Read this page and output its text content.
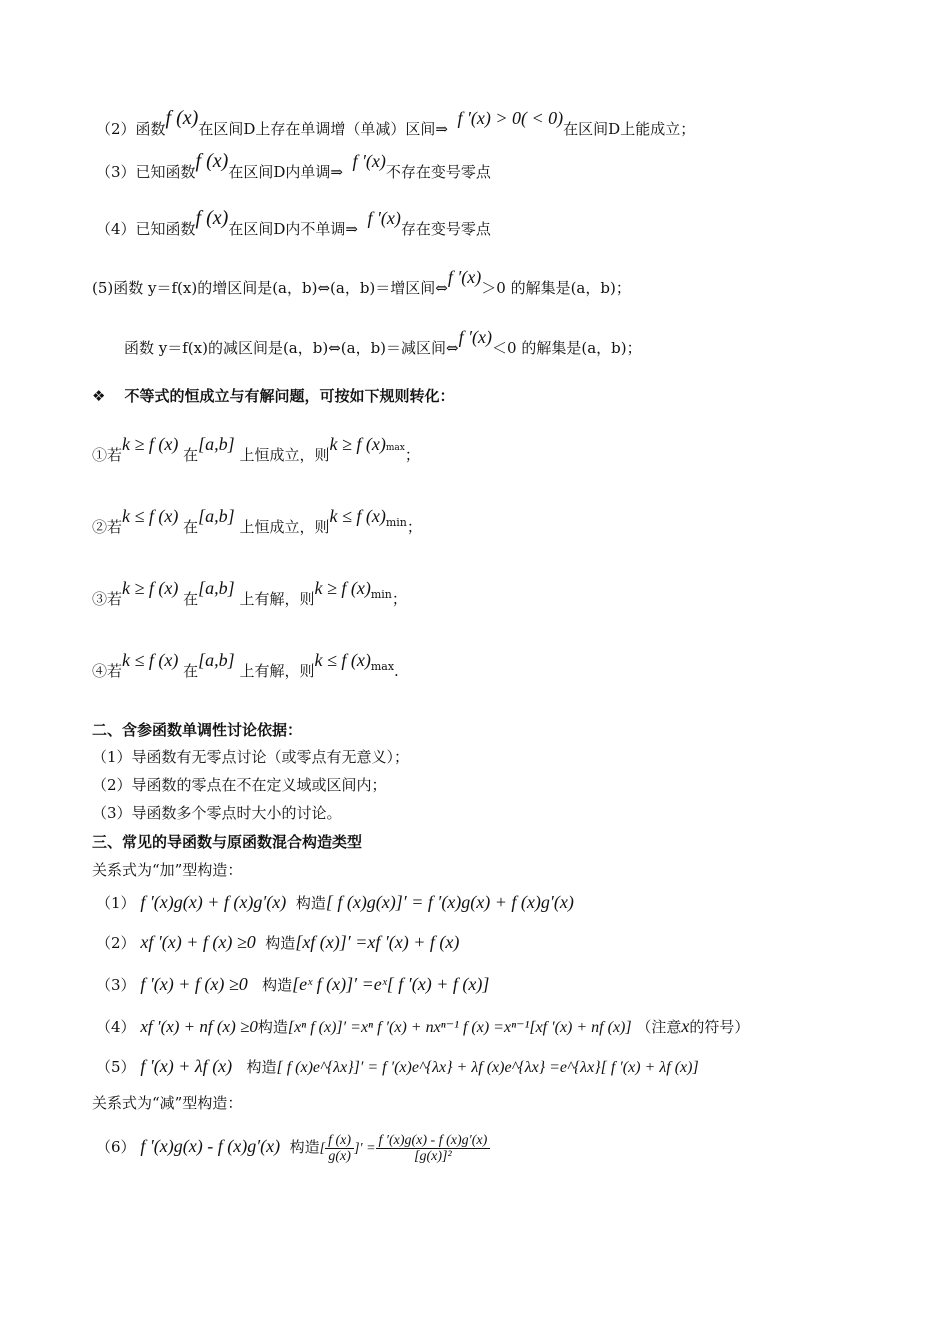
（2）函数f (x)在区间D上存在单调增（单减）区间⇒  f ′(x) > 0( < 0)在区间D上能成立；
（3）已知函数f (x)在区间D内单调⇒  f ′(x)不存在变号零点
（4）已知函数f (x)在区间D内不单调⇒  f ′(x)存在变号零点
(5)函数 y＝f(x)的增区间是(a，b)⇔(a，b)＝增区间⇔f ′(x)＞0 的解集是(a，b)；
函数 y＝f(x)的减区间是(a，b)⇔(a，b)＝减区间⇔f ′(x)＜0 的解集是(a，b)；
❖ 不等式的恒成立与有解问题，可按如下规则转化：
①若k ≥ f (x) 在[a,b] 上恒成立，则k ≥ f $(x)^{max}$；
②若k ≤ f (x) 在[a,b] 上恒成立，则k ≤ f $(x)^{min}$；
③若k ≥ f (x) 在[a,b] 上有解，则k ≥ f $(x)^{min}$；
④若k ≤ f (x) 在[a,b] 上有解，则k ≤ f $(x)^{max}$.
二、含参函数单调性讨论依据：
（1）导函数有无零点讨论（或零点有无意义）；
（2）导函数的零点在不在定义域或区间内；
（3）导函数多个零点时大小的讨论。
三、常见的导函数与原函数混合构造类型
关系式为“加”型构造：
（1） f ′(x)g(x) + f (x)g′(x) 构造[ f (x)g(x)]′ = f ′(x)g(x) + f (x)g′(x)
（2） xf ′(x) + f (x) ≥0 构造[xf (x)]′ =xf ′(x) + f (x)
（3） f ′(x) + f (x) ≥0 构造[eˣ f (x)]′ =eˣ[ f ′(x) + f (x)]
（4） xf ′(x) + nf (x) ≥0构造[xⁿ f (x)]′ =xⁿ f ′(x) + nxⁿ⁻¹ f (x) =xⁿ⁻¹[xf ′(x) + nf (x)] （注意x的符号）
（5） f ′(x) + λf (x) 构造[ f (x)e^{λx}]′ = f ′(x)e^{λx} + λf (x)e^{λx} =e^{λx}[ f ′(x) + λf (x)]
关系式为“减”型构造：
（6） f ′(x)g(x) - f (x)g′(x) 构造[ $\frac{f (x)}{g(x)}$ ]′ = $\frac{f '(x)g(x) - f (x)g'(x)}{\text{[g(x)]²}}$
